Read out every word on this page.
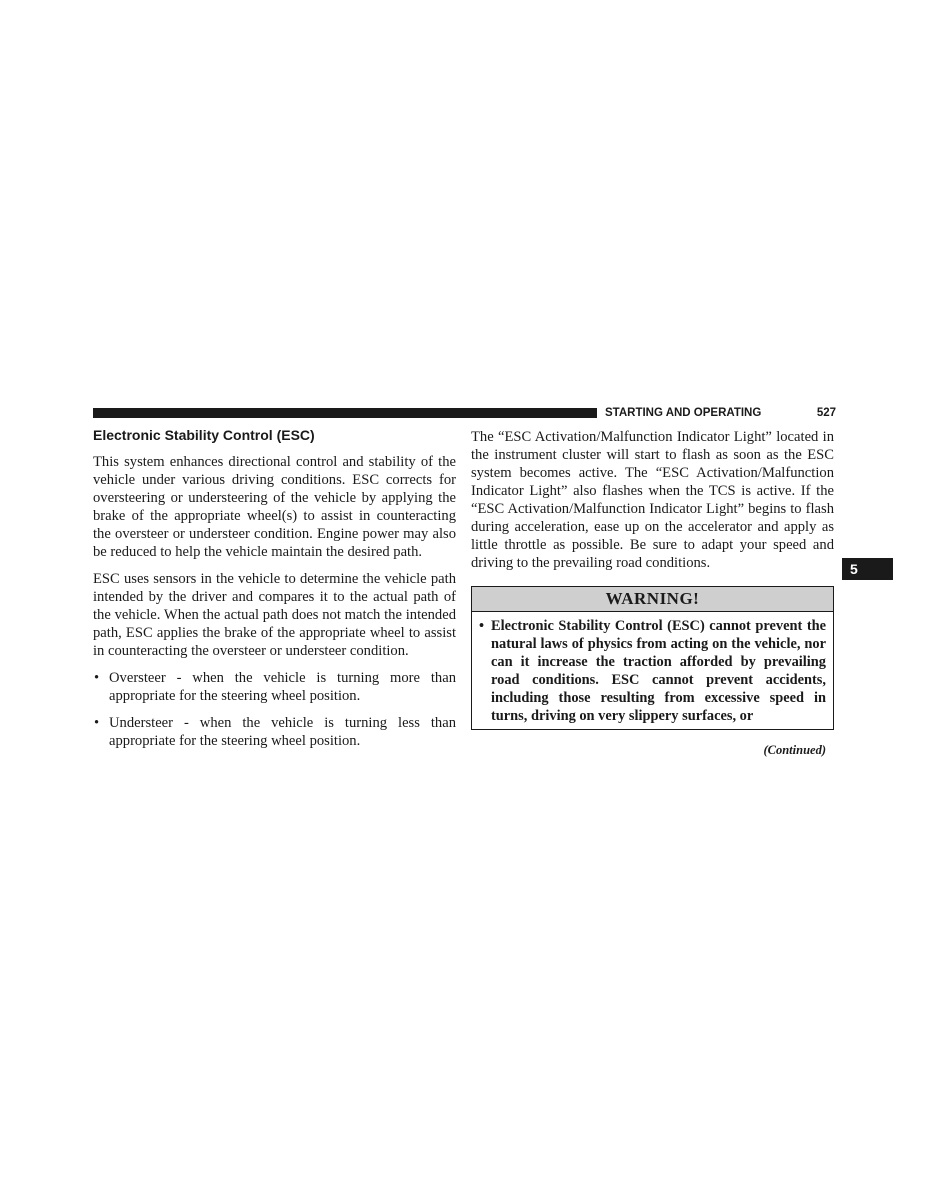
STARTING AND OPERATING	527
5
Electronic Stability Control (ESC)

This system enhances directional control and stability of the vehicle under various driving conditions. ESC corrects for oversteering or understeering of the vehicle by applying the brake of the appropriate wheel(s) to assist in counteracting the oversteer or understeer condition. Engine power may also be reduced to help the vehicle maintain the desired path.

ESC uses sensors in the vehicle to determine the vehicle path intended by the driver and compares it to the actual path of the vehicle. When the actual path does not match the intended path, ESC applies the brake of the appropriate wheel to assist in counteracting the oversteer or understeer condition.

• Oversteer - when the vehicle is turning more than appropriate for the steering wheel position.
• Understeer - when the vehicle is turning less than appropriate for the steering wheel position.

The “ESC Activation/Malfunction Indicator Light” located in the instrument cluster will start to flash as soon as the ESC system becomes active. The “ESC Activation/Malfunction Indicator Light” also flashes when the TCS is active. If the “ESC Activation/Malfunction Indicator Light” begins to flash during acceleration, ease up on the accelerator and apply as little throttle as possible. Be sure to adapt your speed and driving to the prevailing road conditions.

WARNING!
• Electronic Stability Control (ESC) cannot prevent the natural laws of physics from acting on the vehicle, nor can it increase the traction afforded by prevailing road conditions. ESC cannot prevent accidents, including those resulting from excessive speed in turns, driving on very slippery surfaces, or
(Continued)
